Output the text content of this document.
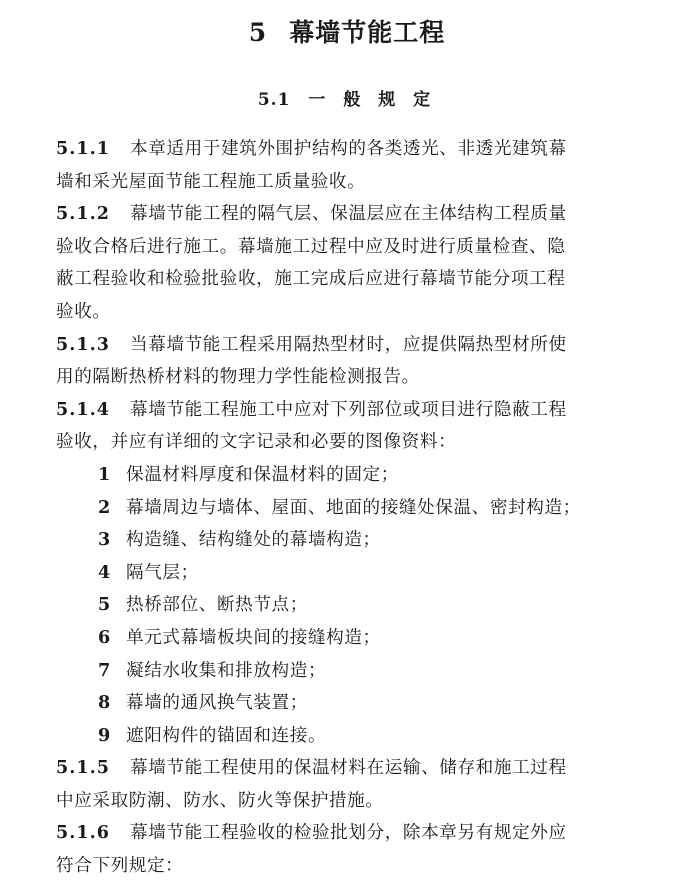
5 幕墙节能工程
5.1 一 般 规 定
5.1.1 本章适用于建筑外围护结构的各类透光、非透光建筑幕
墙和采光屋面节能工程施工质量验收。
5.1.2 幕墙节能工程的隔气层、保温层应在主体结构工程质量
验收合格后进行施工。幕墙施工过程中应及时进行质量检查、隐
蔽工程验收和检验批验收，施工完成后应进行幕墙节能分项工程
验收。
5.1.3 当幕墙节能工程采用隔热型材时，应提供隔热型材所使
用的隔断热桥材料的物理力学性能检测报告。
5.1.4 幕墙节能工程施工中应对下列部位或项目进行隐蔽工程
验收，并应有详细的文字记录和必要的图像资料：
1 保温材料厚度和保温材料的固定；
2 幕墙周边与墙体、屋面、地面的接缝处保温、密封构造；
3 构造缝、结构缝处的幕墙构造；
4 隔气层；
5 热桥部位、断热节点；
6 单元式幕墙板块间的接缝构造；
7 凝结水收集和排放构造；
8 幕墙的通风换气装置；
9 遮阳构件的锚固和连接。
5.1.5 幕墙节能工程使用的保温材料在运输、储存和施工过程
中应采取防潮、防水、防火等保护措施。
5.1.6 幕墙节能工程验收的检验批划分，除本章另有规定外应
符合下列规定：
